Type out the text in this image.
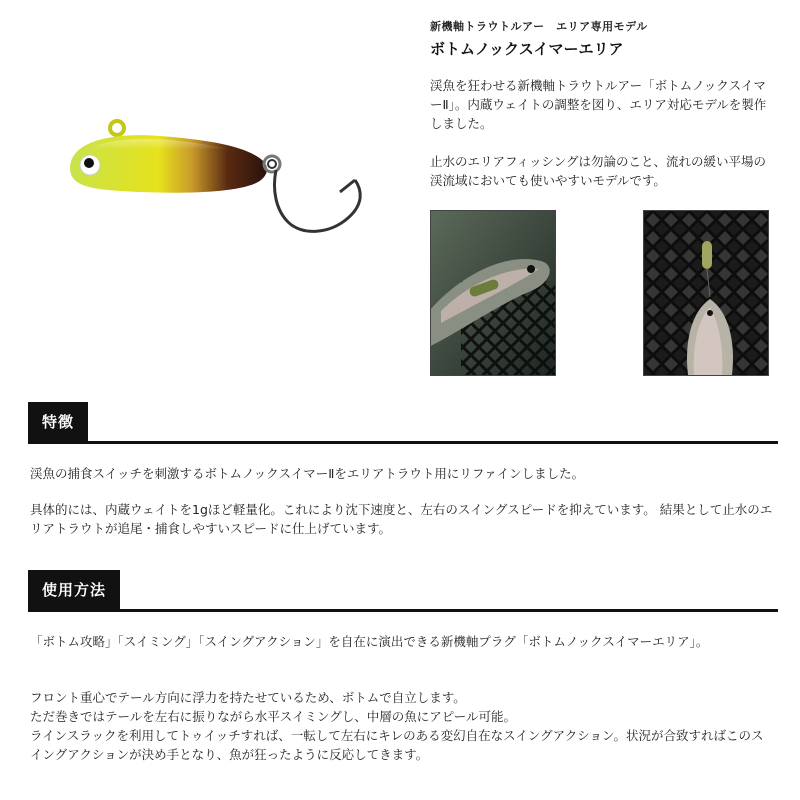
新機軸トラウトルアー　エリア専用モデル
ボトムノックスイマーエリア
渓魚を狂わせる新機軸トラウトルアー「ボトムノックスイマーⅡ」。内蔵ウェイトの調整を図り、エリア対応モデルを製作しました。
止水のエリアフィッシングは勿論のこと、流れの緩い平場の渓流域においても使いやすいモデルです。
特徴
渓魚の捕食スイッチを刺激するボトムノックスイマーⅡをエリアトラウト用にリファインしました。
具体的には、内蔵ウェイトを1gほど軽量化。これにより沈下速度と、左右のスイングスピードを抑えています。 結果として止水のエリアトラウトが追尾・捕食しやすいスピードに仕上げています。
使用方法
「ボトム攻略」「スイミング」「スイングアクション」を自在に演出できる新機軸プラグ「ボトムノックスイマーエリア」。
フロント重心でテール方向に浮力を持たせているため、ボトムで自立します。
ただ巻きではテールを左右に振りながら水平スイミングし、中層の魚にアピール可能。
ラインスラックを利用してトゥイッチすれば、一転して左右にキレのある変幻自在なスイングアクション。状況が合致すればこのスイングアクションが決め手となり、魚が狂ったように反応してきます。
